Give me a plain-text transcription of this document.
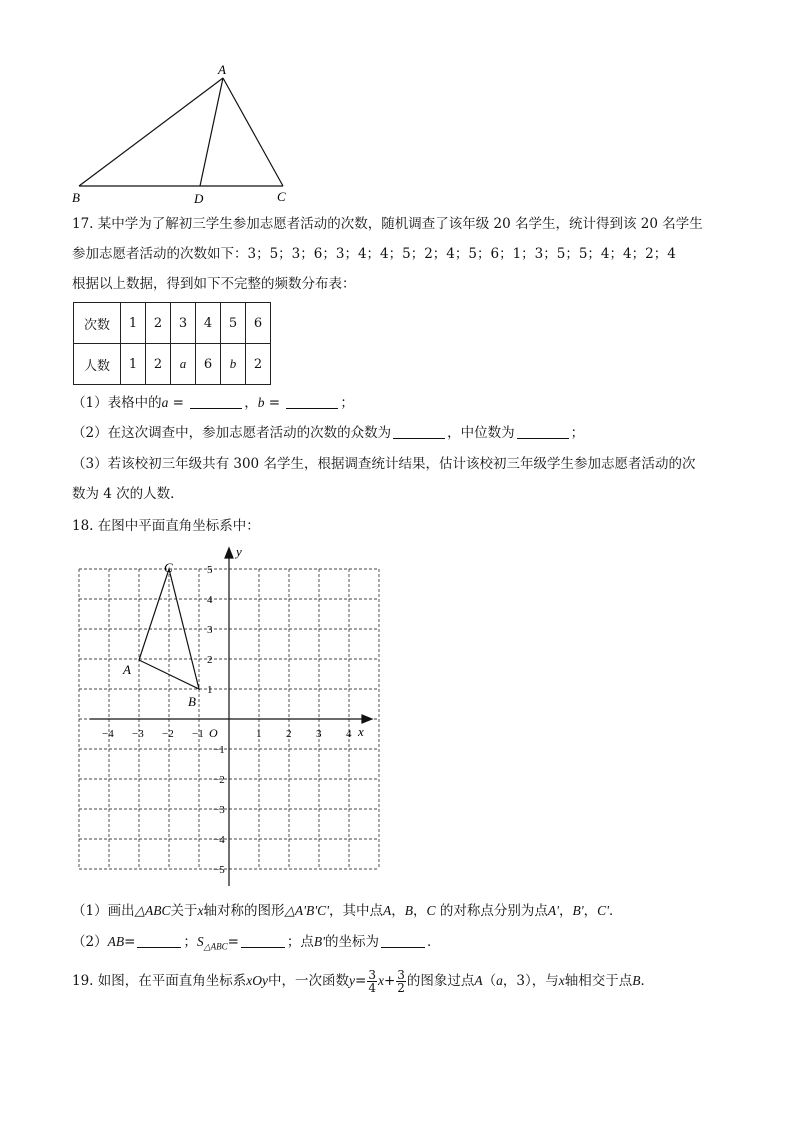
A
B	D	C
17. 某中学为了解初三学生参加志愿者活动的次数，随机调查了该年级 20 名学生，统计得到该 20 名学生
参加志愿者活动的次数如下：3；5；3；6；3；4；4；5；2；4；5；6；1；3；5；5；4；4；2；4
根据以上数据，得到如下不完整的频数分布表：
次数	1	2	3	4	5	6
人数	1	2	a	6	b	2
（1）表格中的a =	，b =	；
（2）在这次调查中，参加志愿者活动的次数的众数为	，中位数为	；
（3）若该校初三年级共有 300 名学生，根据调查统计结果，估计该校初三年级学生参加志愿者活动的次
数为 4 次的人数．
18. 在图中平面直角坐标系中：
y
x
O
C
A
B
−4 −3 −2 −1	1 2 3 4
1
2
3
4
5
−1
−2
−3
−4
−5
（1）画出△ABC关于x轴对称的图形△A'B'C'，其中点A，B，C 的对称点分别为点A'，B'，C'．
（2）AB=	；$S_{\triangle ABC}=$	；点B'的坐标为	．
19. 如图，在平面直角坐标系xOy中，一次函数$y= \frac{3}{4} x+ \frac{3}{2}$ 的图象过点A（a，3），与x轴相交于点B．
